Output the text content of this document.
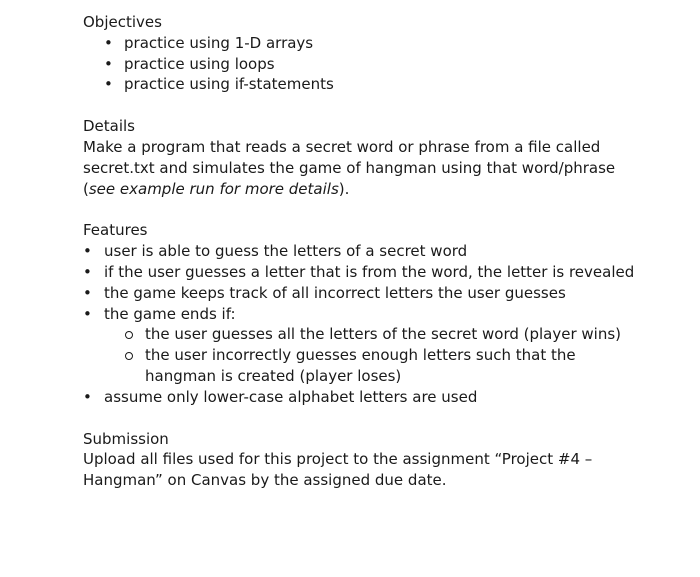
Objectives
• practice using 1-D arrays
• practice using loops
• practice using if-statements
Details

Make a program that reads a secret word or phrase from a file called secret.txt and simulates the game of hangman using that word/phrase (see example run for more details).

Features
• user is able to guess the letters of a secret word
• if the user guesses a letter that is from the word, the letter is revealed
• the game keeps track of all incorrect letters the user guesses
• the game ends if:
the user guesses all the letters of the secret word (player wins)
the user incorrectly guesses enough letters such that the hangman is created (player loses)
• assume only lower-case alphabet letters are used
Submission

Upload all files used for this project to the assignment “Project #4 – Hangman” on Canvas by the assigned due date.
